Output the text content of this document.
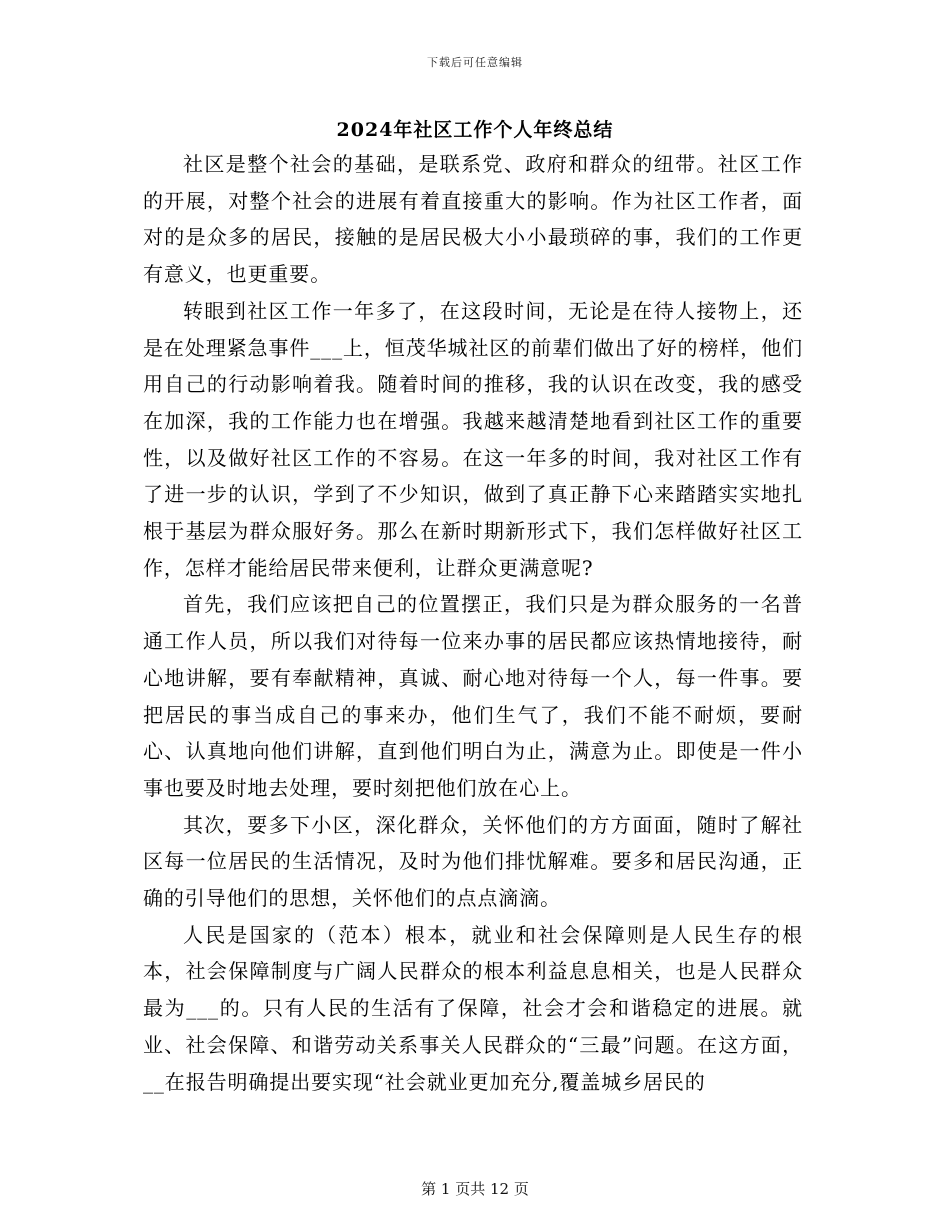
下载后可任意编辑
2024年社区工作个人年终总结

社区是整个社会的基础，是联系党、政府和群众的纽带。社区工作的开展，对整个社会的进展有着直接重大的影响。作为社区工作者，面对的是众多的居民，接触的是居民极大小小最琐碎的事，我们的工作更有意义，也更重要。

转眼到社区工作一年多了，在这段时间，无论是在待人接物上，还是在处理紧急事件___上，恒茂华城社区的前辈们做出了好的榜样，他们用自己的行动影响着我。随着时间的推移，我的认识在改变，我的感受在加深，我的工作能力也在增强。我越来越清楚地看到社区工作的重要性，以及做好社区工作的不容易。在这一年多的时间，我对社区工作有了进一步的认识，学到了不少知识，做到了真正静下心来踏踏实实地扎根于基层为群众服好务。那么在新时期新形式下，我们怎样做好社区工作，怎样才能给居民带来便利，让群众更满意呢?

首先，我们应该把自己的位置摆正，我们只是为群众服务的一名普通工作人员，所以我们对待每一位来办事的居民都应该热情地接待，耐心地讲解，要有奉献精神，真诚、耐心地对待每一个人，每一件事。要把居民的事当成自己的事来办，他们生气了，我们不能不耐烦，要耐心、认真地向他们讲解，直到他们明白为止，满意为止。即使是一件小事也要及时地去处理，要时刻把他们放在心上。

其次，要多下小区，深化群众，关怀他们的方方面面，随时了解社区每一位居民的生活情况，及时为他们排忧解难。要多和居民沟通，正确的引导他们的思想，关怀他们的点点滴滴。

人民是国家的（范本）根本，就业和社会保障则是人民生存的根本，社会保障制度与广阔人民群众的根本利益息息相关，也是人民群众最为___的。只有人民的生活有了保障，社会才会和谐稳定的进展。就业、社会保障、和谐劳动关系事关人民群众的“三最”问题。在这方面，__在报告明确提出要实现“社会就业更加充分,覆盖城乡居民的

第 1 页共 12 页
